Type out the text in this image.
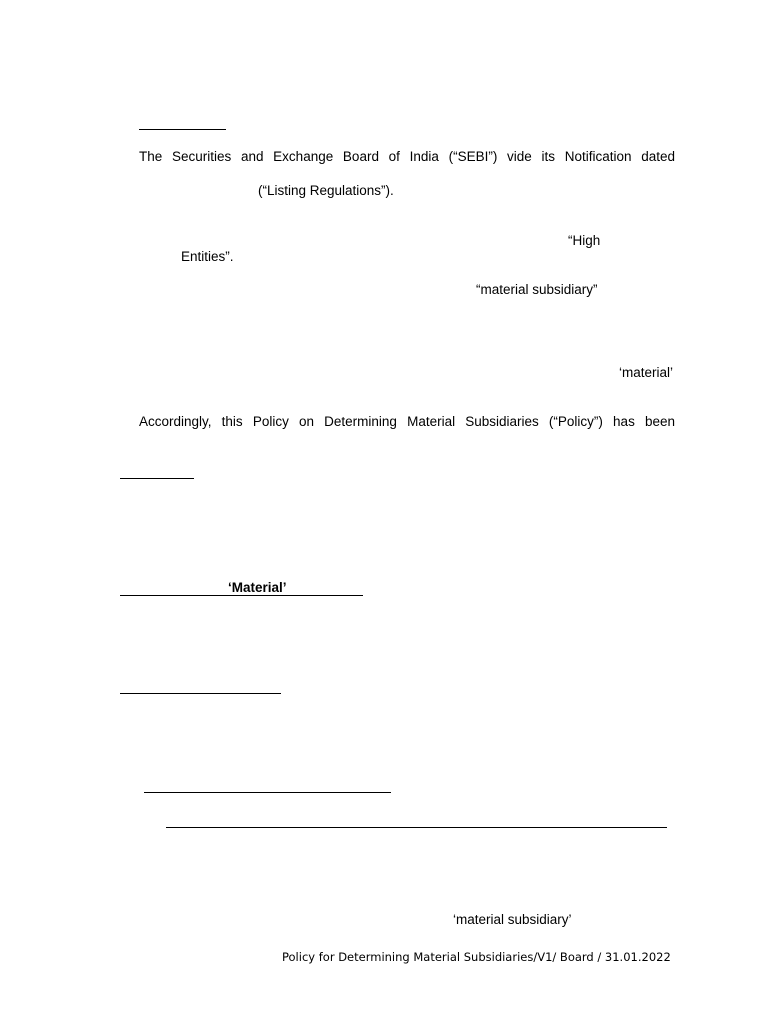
The Securities and Exchange Board of India (“SEBI”) vide its Notification dated
(“Listing Regulations”).
“High
Entities”.
“material subsidiary”
‘material’
Accordingly, this Policy on Determining Material Subsidiaries (“Policy”) has been
‘Material’
‘material subsidiary’
Policy for Determining Material Subsidiaries/V1/ Board / 31.01.2022
